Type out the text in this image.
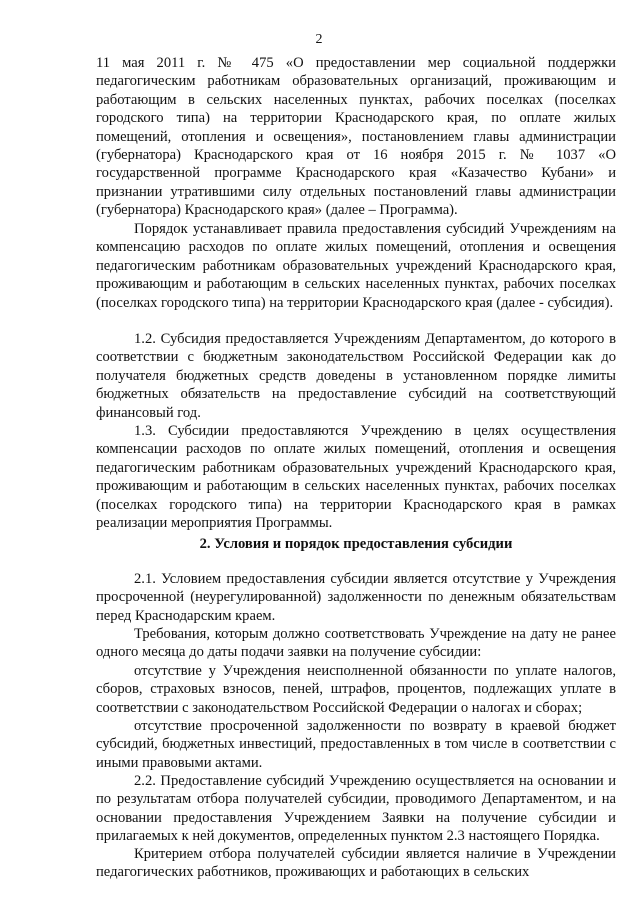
2

11 мая 2011 г. № 475 «О предоставлении мер социальной поддержки педагогическим работникам образовательных организаций, проживающим и работающим в сельских населенных пунктах, рабочих поселках (поселках городского типа) на территории Краснодарского края, по оплате жилых помещений, отопления и освещения», постановлением главы администрации (губернатора) Краснодарского края от 16 ноября 2015 г. № 1037 «О государственной программе Краснодарского края «Казачество Кубани» и признании утратившими силу отдельных постановлений главы администрации (губернатора) Краснодарского края» (далее – Программа).

Порядок устанавливает правила предоставления субсидий Учреждениям на компенсацию расходов по оплате жилых помещений, отопления и освещения педагогическим работникам образовательных учреждений Краснодарского края, проживающим и работающим в сельских населенных пунктах, рабочих поселках (поселках городского типа) на территории Краснодарского края (далее - субсидия).

1.2. Субсидия предоставляется Учреждениям Департаментом, до которого в соответствии с бюджетным законодательством Российской Федерации как до получателя бюджетных средств доведены в установленном порядке лимиты бюджетных обязательств на предоставление субсидий на соответствующий финансовый год.

1.3. Субсидии предоставляются Учреждению в целях осуществления компенсации расходов по оплате жилых помещений, отопления и освещения педагогическим работникам образовательных учреждений Краснодарского края, проживающим и работающим в сельских населенных пунктах, рабочих поселках (поселках городского типа) на территории Краснодарского края в рамках реализации мероприятия Программы.

2. Условия и порядок предоставления субсидии

2.1. Условием предоставления субсидии является отсутствие у Учреждения просроченной (неурегулированной) задолженности по денежным обязательствам перед Краснодарским краем.

Требования, которым должно соответствовать Учреждение на дату не ранее одного месяца до даты подачи заявки на получение субсидии:

отсутствие у Учреждения неисполненной обязанности по уплате налогов, сборов, страховых взносов, пеней, штрафов, процентов, подлежащих уплате в соответствии с законодательством Российской Федерации о налогах и сборах;

отсутствие просроченной задолженности по возврату в краевой бюджет субсидий, бюджетных инвестиций, предоставленных в том числе в соответствии с иными правовыми актами.

2.2. Предоставление субсидий Учреждению осуществляется на основании и по результатам отбора получателей субсидии, проводимого Департаментом, и на основании предоставления Учреждением Заявки на получение субсидии и прилагаемых к ней документов, определенных пунктом 2.3 настоящего Порядка.

Критерием отбора получателей субсидии является наличие в Учреждении педагогических работников, проживающих и работающих в сельских
